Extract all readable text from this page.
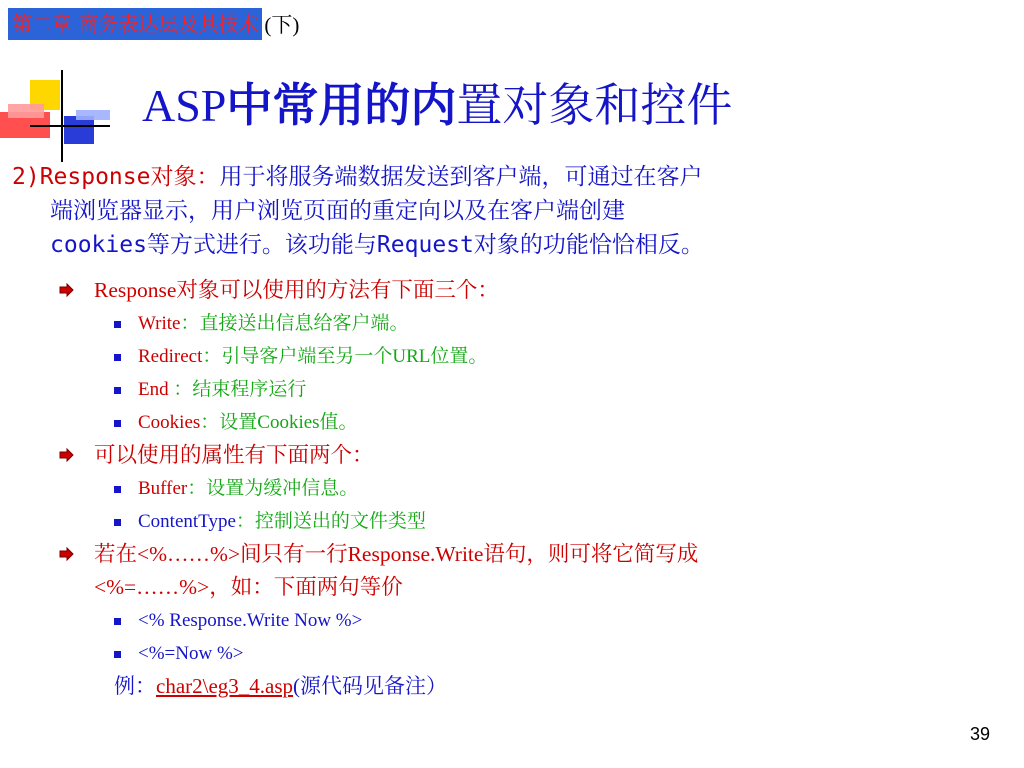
第二章 商务表达层及其技术 (下)
ASP中常用的内置对象和控件
2)Response对象：用于将服务端数据发送到客户端，可通过在客户
端浏览器显示，用户浏览页面的重定向以及在客户端创建
cookies等方式进行。该功能与Request对象的功能恰恰相反。
Response对象可以使用的方法有下面三个：
Write：直接送出信息给客户端。
Redirect：引导客户端至另一个URL位置。
End ：结束程序运行
Cookies：设置Cookies值。
可以使用的属性有下面两个：
Buffer：设置为缓冲信息。
ContentType：控制送出的文件类型
若在<%……%>间只有一行Response.Write语句，则可将它简写成
<%=……%>，如：下面两句等价
<% Response.Write Now %>
<%=Now %>
例：char2\eg3_4.asp(源代码见备注）
39
